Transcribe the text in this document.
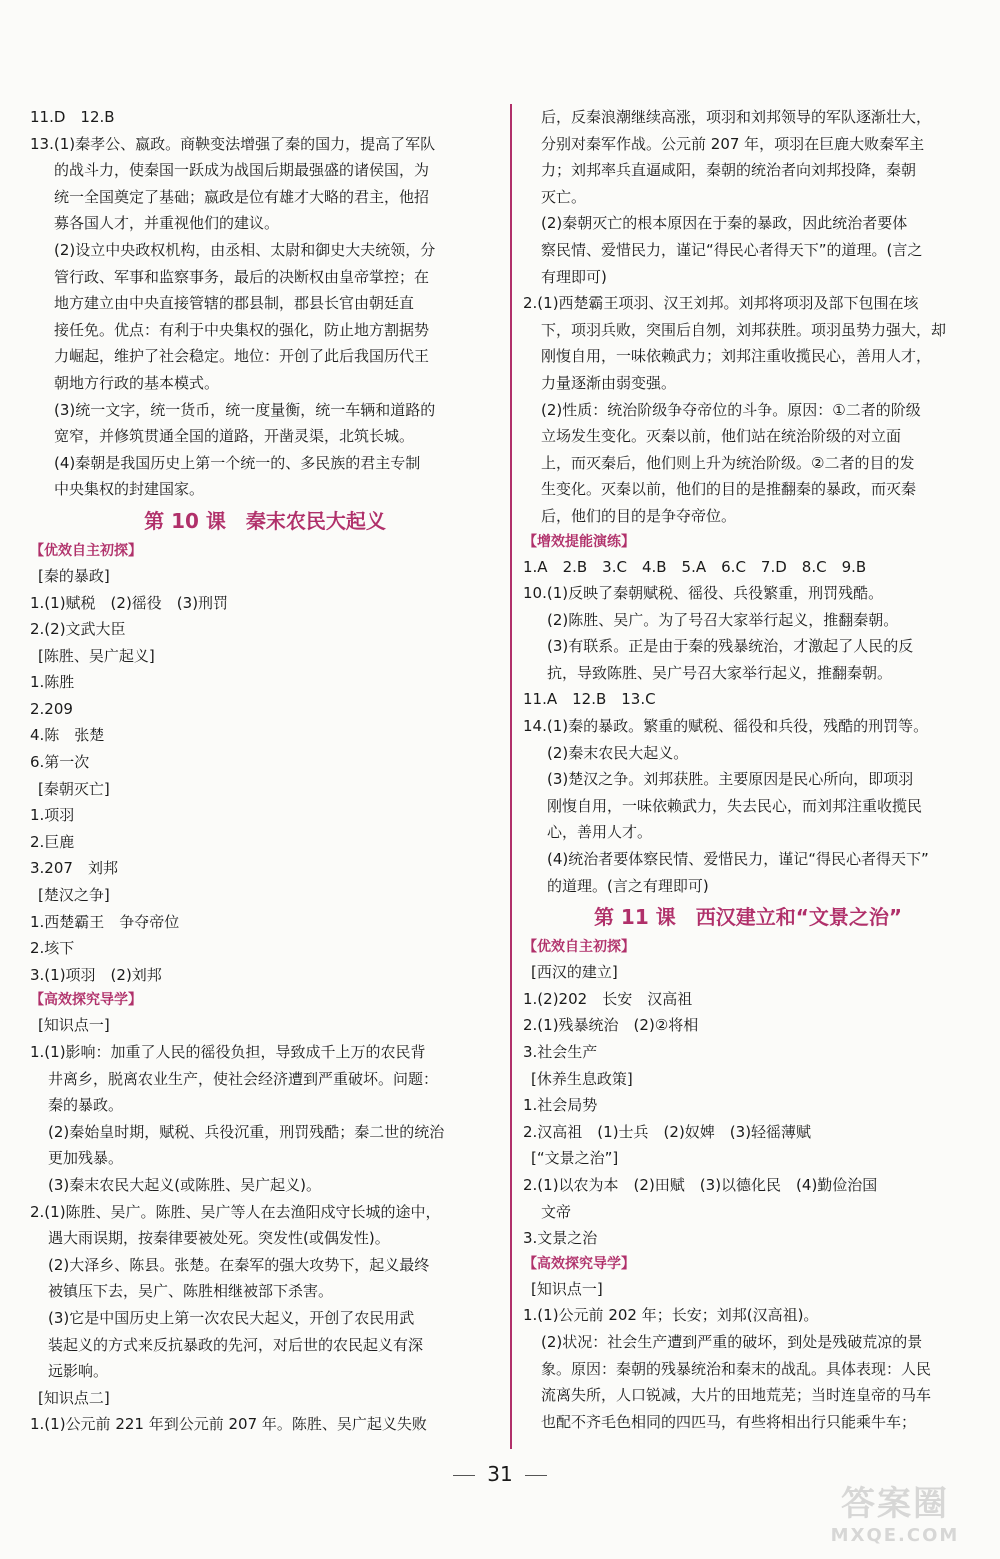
11.D　12.B
13.(1)秦孝公、嬴政。商鞅变法增强了秦的国力，提高了军队
的战斗力，使秦国一跃成为战国后期最强盛的诸侯国，为
统一全国奠定了基础；嬴政是位有雄才大略的君主，他招
募各国人才，并重视他们的建议。
(2)设立中央政权机构，由丞相、太尉和御史大夫统领，分
管行政、军事和监察事务，最后的决断权由皇帝掌控；在
地方建立由中央直接管辖的郡县制，郡县长官由朝廷直
接任免。优点：有利于中央集权的强化，防止地方割据势
力崛起，维护了社会稳定。地位：开创了此后我国历代王
朝地方行政的基本模式。
(3)统一文字，统一货币，统一度量衡，统一车辆和道路的
宽窄，并修筑贯通全国的道路，开凿灵渠，北筑长城。
(4)秦朝是我国历史上第一个统一的、多民族的君主专制
中央集权的封建国家。
第 10 课　秦末农民大起义
【优效自主初探】
[秦的暴政]
1.(1)赋税　(2)徭役　(3)刑罚
2.(2)文武大臣
[陈胜、吴广起义]
1.陈胜
2.209
4.陈　张楚
6.第一次
[秦朝灭亡]
1.项羽
2.巨鹿
3.207　刘邦
[楚汉之争]
1.西楚霸王　争夺帝位
2.垓下
3.(1)项羽　(2)刘邦
【高效探究导学】
[知识点一]
1.(1)影响：加重了人民的徭役负担，导致成千上万的农民背
井离乡，脱离农业生产，使社会经济遭到严重破坏。问题：
秦的暴政。
(2)秦始皇时期，赋税、兵役沉重，刑罚残酷；秦二世的统治
更加残暴。
(3)秦末农民大起义(或陈胜、吴广起义)。
2.(1)陈胜、吴广。陈胜、吴广等人在去渔阳戍守长城的途中，
遇大雨误期，按秦律要被处死。突发性(或偶发性)。
(2)大泽乡、陈县。张楚。在秦军的强大攻势下，起义最终
被镇压下去，吴广、陈胜相继被部下杀害。
(3)它是中国历史上第一次农民大起义，开创了农民用武
装起义的方式来反抗暴政的先河，对后世的农民起义有深
远影响。
[知识点二]
1.(1)公元前 221 年到公元前 207 年。陈胜、吴广起义失败
后，反秦浪潮继续高涨，项羽和刘邦领导的军队逐渐壮大，
分别对秦军作战。公元前 207 年，项羽在巨鹿大败秦军主
力；刘邦率兵直逼咸阳，秦朝的统治者向刘邦投降，秦朝
灭亡。
(2)秦朝灭亡的根本原因在于秦的暴政，因此统治者要体
察民情、爱惜民力，谨记“得民心者得天下”的道理。(言之
有理即可)
2.(1)西楚霸王项羽、汉王刘邦。刘邦将项羽及部下包围在垓
下，项羽兵败，突围后自刎，刘邦获胜。项羽虽势力强大，却
刚愎自用，一味依赖武力；刘邦注重收揽民心，善用人才，
力量逐渐由弱变强。
(2)性质：统治阶级争夺帝位的斗争。原因：①二者的阶级
立场发生变化。灭秦以前，他们站在统治阶级的对立面
上，而灭秦后，他们则上升为统治阶级。②二者的目的发
生变化。灭秦以前，他们的目的是推翻秦的暴政，而灭秦
后，他们的目的是争夺帝位。
【增效提能演练】
1.A　2.B　3.C　4.B　5.A　6.C　7.D　8.C　9.B
10.(1)反映了秦朝赋税、徭役、兵役繁重，刑罚残酷。
(2)陈胜、吴广。为了号召大家举行起义，推翻秦朝。
(3)有联系。正是由于秦的残暴统治，才激起了人民的反
抗，导致陈胜、吴广号召大家举行起义，推翻秦朝。
11.A　12.B　13.C
14.(1)秦的暴政。繁重的赋税、徭役和兵役，残酷的刑罚等。
(2)秦末农民大起义。
(3)楚汉之争。刘邦获胜。主要原因是民心所向，即项羽
刚愎自用，一味依赖武力，失去民心，而刘邦注重收揽民
心，善用人才。
(4)统治者要体察民情、爱惜民力，谨记“得民心者得天下”
的道理。(言之有理即可)
第 11 课　西汉建立和“文景之治”
【优效自主初探】
[西汉的建立]
1.(2)202　长安　汉高祖
2.(1)残暴统治　(2)②将相
3.社会生产
[休养生息政策]
1.社会局势
2.汉高祖　(1)士兵　(2)奴婢　(3)轻徭薄赋
[“文景之治”]
2.(1)以农为本　(2)田赋　(3)以德化民　(4)勤俭治国
文帝
3.文景之治
【高效探究导学】
[知识点一]
1.(1)公元前 202 年；长安；刘邦(汉高祖)。
(2)状况：社会生产遭到严重的破坏，到处是残破荒凉的景
象。原因：秦朝的残暴统治和秦末的战乱。具体表现：人民
流离失所，人口锐减，大片的田地荒芜；当时连皇帝的马车
也配不齐毛色相同的四匹马，有些将相出行只能乘牛车；
31
答案圈
MXQE.COM
